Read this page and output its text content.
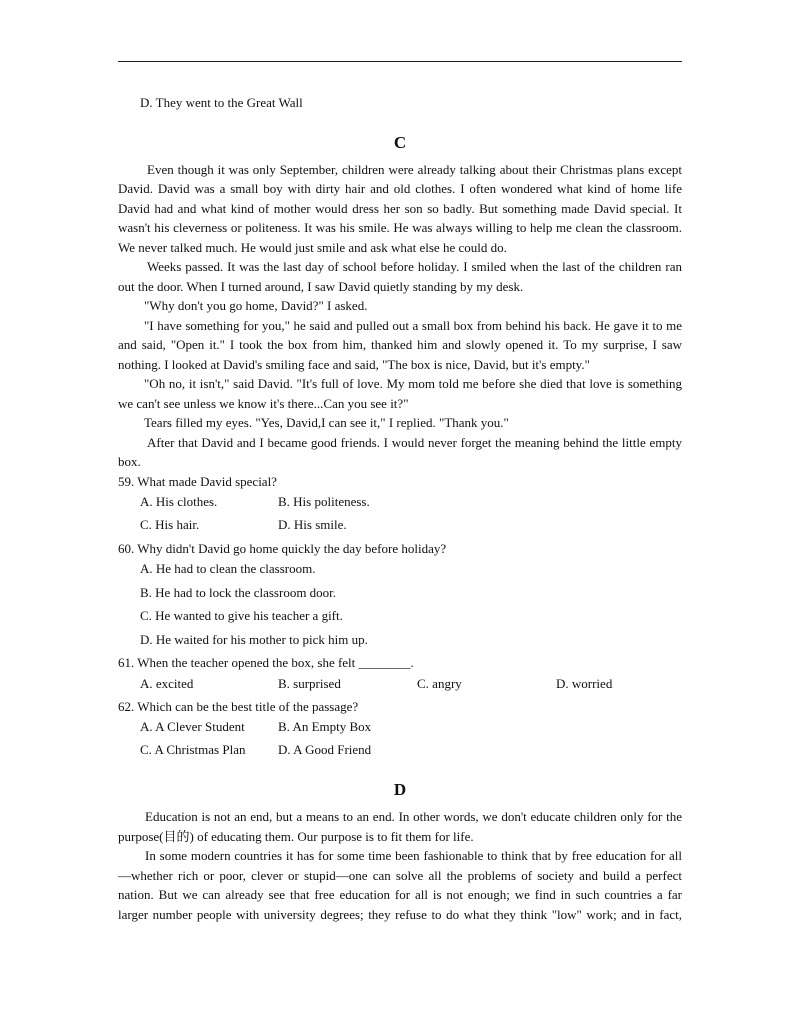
D. They went to the Great Wall
C
Even though it was only September, children were already talking about their Christmas plans except
David. David was a small boy with dirty hair and old clothes. I often wondered what kind of home life
David had and what kind of mother would dress her son so badly. But something made David special. It
wasn't his cleverness or politeness. It was his smile. He was always willing to help me clean the classroom.
We never talked much. He would just smile and ask what else he could do.
Weeks passed. It was the last day of school before holiday. I smiled when the last of the children ran
out the door. When I turned around, I saw David quietly standing by my desk.
"Why don't you go home, David?" I asked.
"I have something for you," he said and pulled out a small box from behind his back. He gave it to me
and said, "Open it." I took the box from him, thanked him and slowly opened it. To my surprise, I saw
nothing. I looked at David's smiling face and said, "The box is nice, David, but it's empty."
"Oh no, it isn't," said David. "It's full of love. My mom told me before she died that love is something
we can't see unless we know it's there...Can you see it?"
Tears filled my eyes. "Yes, David,I can see it," I replied. "Thank you."
After that David and I became good friends. I would never forget the meaning behind the little empty
box.
59. What made David special?
A. His clothes.	B. His politeness.
C. His hair.	D. His smile.
60. Why didn't David go home quickly the day before holiday?
A. He had to clean the classroom.
B. He had to lock the classroom door.
C. He wanted to give his teacher a gift.
D. He waited for his mother to pick him up.
61. When the teacher opened the box, she felt ________.
A. excited	B. surprised	C. angry	D. worried
62. Which can be the best title of the passage?
A. A Clever Student	B. An Empty Box
C. A Christmas Plan	D. A Good Friend
D
Education is not an end, but a means to an end. In other words, we don't educate children only for the
purpose(目的) of educating them. Our purpose is to fit them for life.
In some modern countries it has for some time been fashionable to think that by free education for all
—whether rich or poor, clever or stupid—one can solve all the problems of society and build a perfect
nation. But we can already see that free education for all is not enough; we find in such countries a far
larger number people with university degrees; they refuse to do what they think "low" work; and in fact,
